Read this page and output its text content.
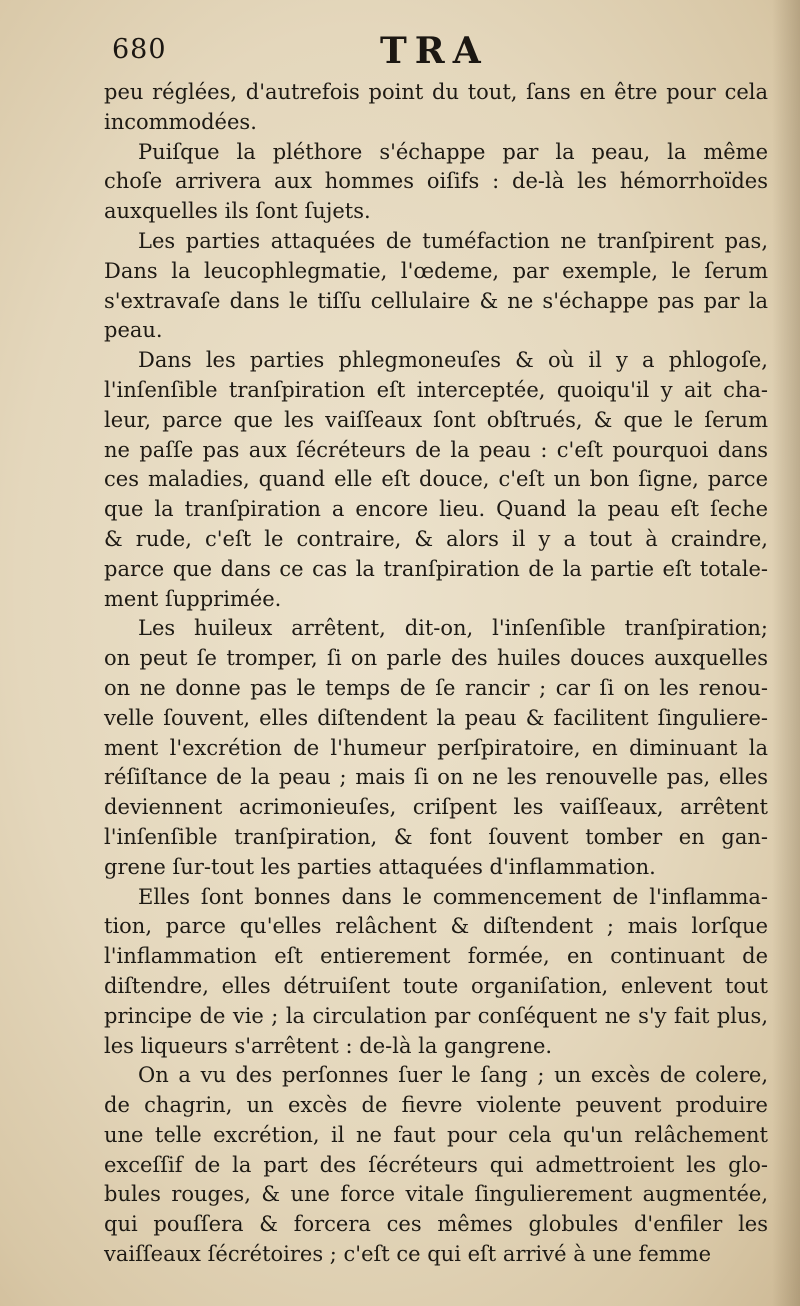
680	TRA
peu réglées, d'autrefois point du tout, ſans en être pour cela
incommodées.
Puiſque la pléthore s'échappe par la peau, la même
choſe arrivera aux hommes oiſifs : de-là les hémorrhoïdes
auxquelles ils ſont ſujets.
Les parties attaquées de tuméfaction ne tranſpirent pas,
Dans la leucophlegmatie, l'œdeme, par exemple, le ſerum
s'extravaſe dans le tiſſu cellulaire & ne s'échappe pas par la
peau.
Dans les parties phlegmoneuſes & où il y a phlogoſe,
l'inſenſible tranſpiration eſt interceptée, quoiqu'il y ait cha-
leur, parce que les vaiſſeaux ſont obſtrués, & que le ſerum
ne paſſe pas aux ſécréteurs de la peau : c'eſt pourquoi dans
ces maladies, quand elle eſt douce, c'eſt un bon ſigne, parce
que la tranſpiration a encore lieu. Quand la peau eſt ſeche
& rude, c'eſt le contraire, & alors il y a tout à craindre,
parce que dans ce cas la tranſpiration de la partie eſt totale-
ment ſupprimée.
Les huileux arrêtent, dit-on, l'inſenſible tranſpiration;
on peut ſe tromper, ſi on parle des huiles douces auxquelles
on ne donne pas le temps de ſe rancir ; car ſi on les renou-
velle ſouvent, elles diſtendent la peau & facilitent ſinguliere-
ment l'excrétion de l'humeur perſpiratoire, en diminuant la
réſiſtance de la peau ; mais ſi on ne les renouvelle pas, elles
deviennent acrimonieuſes, criſpent les vaiſſeaux, arrêtent
l'inſenſible tranſpiration, & font ſouvent tomber en gan-
grene ſur-tout les parties attaquées d'inflammation.
Elles ſont bonnes dans le commencement de l'inflamma-
tion, parce qu'elles relâchent & diſtendent ; mais lorſque
l'inflammation eſt entierement formée, en continuant de
diſtendre, elles détruiſent toute organiſation, enlevent tout
principe de vie ; la circulation par conſéquent ne s'y fait plus,
les liqueurs s'arrêtent : de-là la gangrene.
On a vu des perſonnes ſuer le ſang ; un excès de colere,
de chagrin, un excès de fievre violente peuvent produire
une telle excrétion, il ne faut pour cela qu'un relâchement
exceſſif de la part des ſécréteurs qui admettroient les glo-
bules rouges, & une force vitale ſingulierement augmentée,
qui pouſſera & forcera ces mêmes globules d'enfiler les
vaiſſeaux ſécrétoires ; c'eſt ce qui eſt arrivé à une femme
